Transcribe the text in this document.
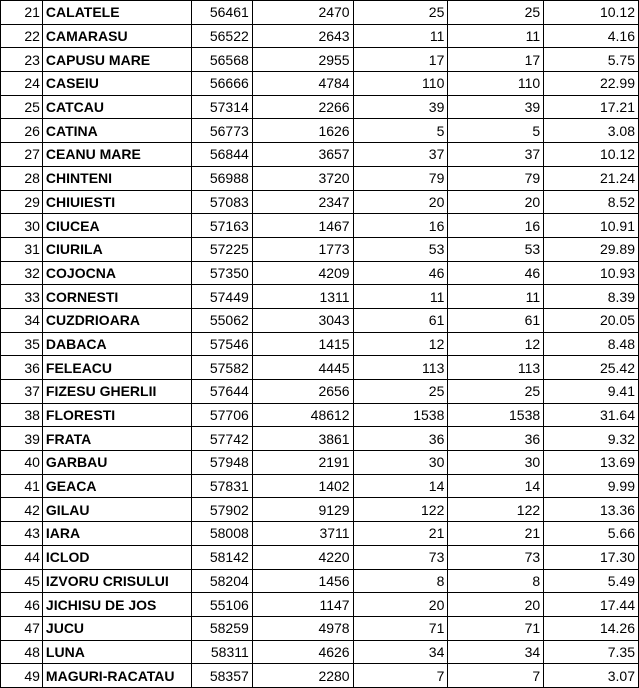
21	CALATELE	56461	2470	25	25	10.12
22	CAMARASU	56522	2643	11	11	4.16
23	CAPUSU MARE	56568	2955	17	17	5.75
24	CASEIU	56666	4784	110	110	22.99
25	CATCAU	57314	2266	39	39	17.21
26	CATINA	56773	1626	5	5	3.08
27	CEANU MARE	56844	3657	37	37	10.12
28	CHINTENI	56988	3720	79	79	21.24
29	CHIUIESTI	57083	2347	20	20	8.52
30	CIUCEA	57163	1467	16	16	10.91
31	CIURILA	57225	1773	53	53	29.89
32	COJOCNA	57350	4209	46	46	10.93
33	CORNESTI	57449	1311	11	11	8.39
34	CUZDRIOARA	55062	3043	61	61	20.05
35	DABACA	57546	1415	12	12	8.48
36	FELEACU	57582	4445	113	113	25.42
37	FIZESU GHERLII	57644	2656	25	25	9.41
38	FLORESTI	57706	48612	1538	1538	31.64
39	FRATA	57742	3861	36	36	9.32
40	GARBAU	57948	2191	30	30	13.69
41	GEACA	57831	1402	14	14	9.99
42	GILAU	57902	9129	122	122	13.36
43	IARA	58008	3711	21	21	5.66
44	ICLOD	58142	4220	73	73	17.30
45	IZVORU CRISULUI	58204	1456	8	8	5.49
46	JICHISU DE JOS	55106	1147	20	20	17.44
47	JUCU	58259	4978	71	71	14.26
48	LUNA	58311	4626	34	34	7.35
49	MAGURI-RACATAU	58357	2280	7	7	3.07
